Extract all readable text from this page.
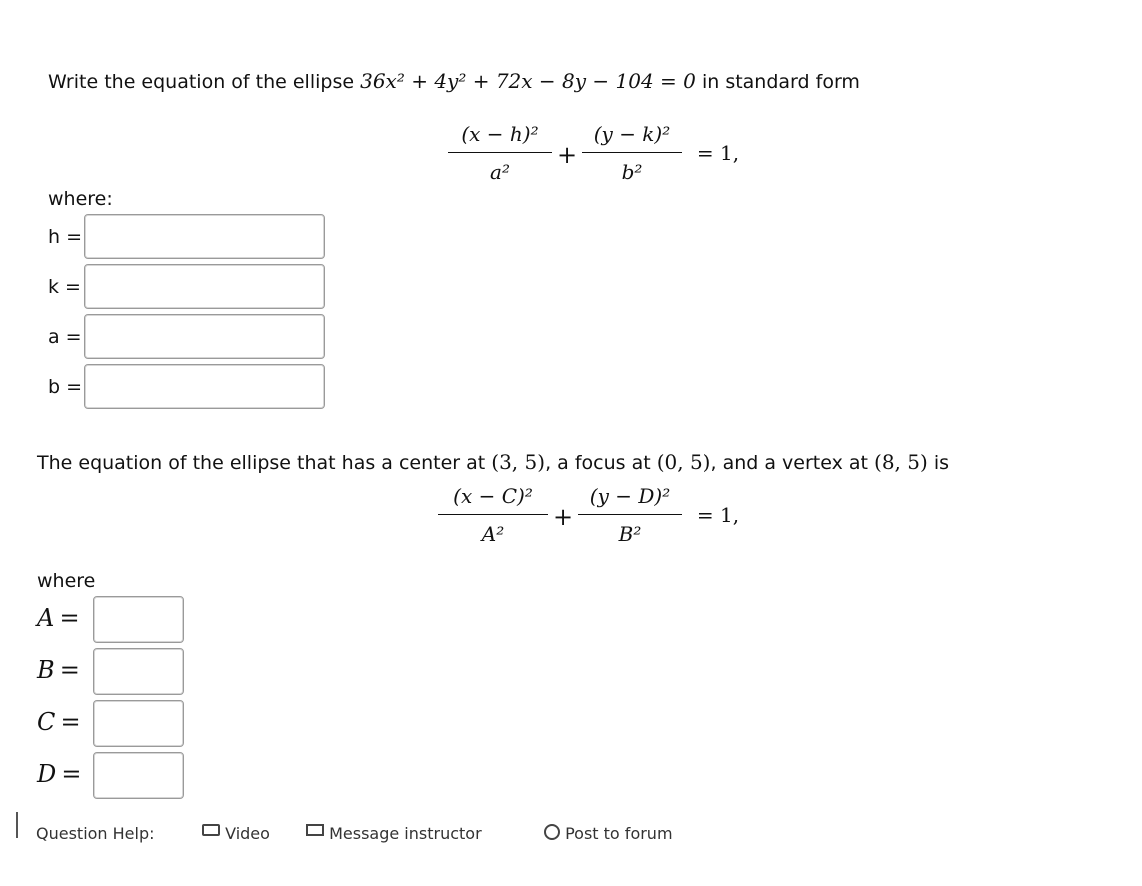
Write the equation of the ellipse 36x² + 4y² + 72x − 8y − 104 = 0 in standard form
(x − h)²
a²
+
(y − k)²
b²
= 1,
where:
h =
k =
a =
b =
The equation of the ellipse that has a center at (3, 5), a focus at (0, 5), and a vertex at (8, 5) is
(x − C)²
A²
+
(y − D)²
B²
= 1,
where
A =
B =
C =
D =
Question Help:	Video	Message instructor	Post to forum
